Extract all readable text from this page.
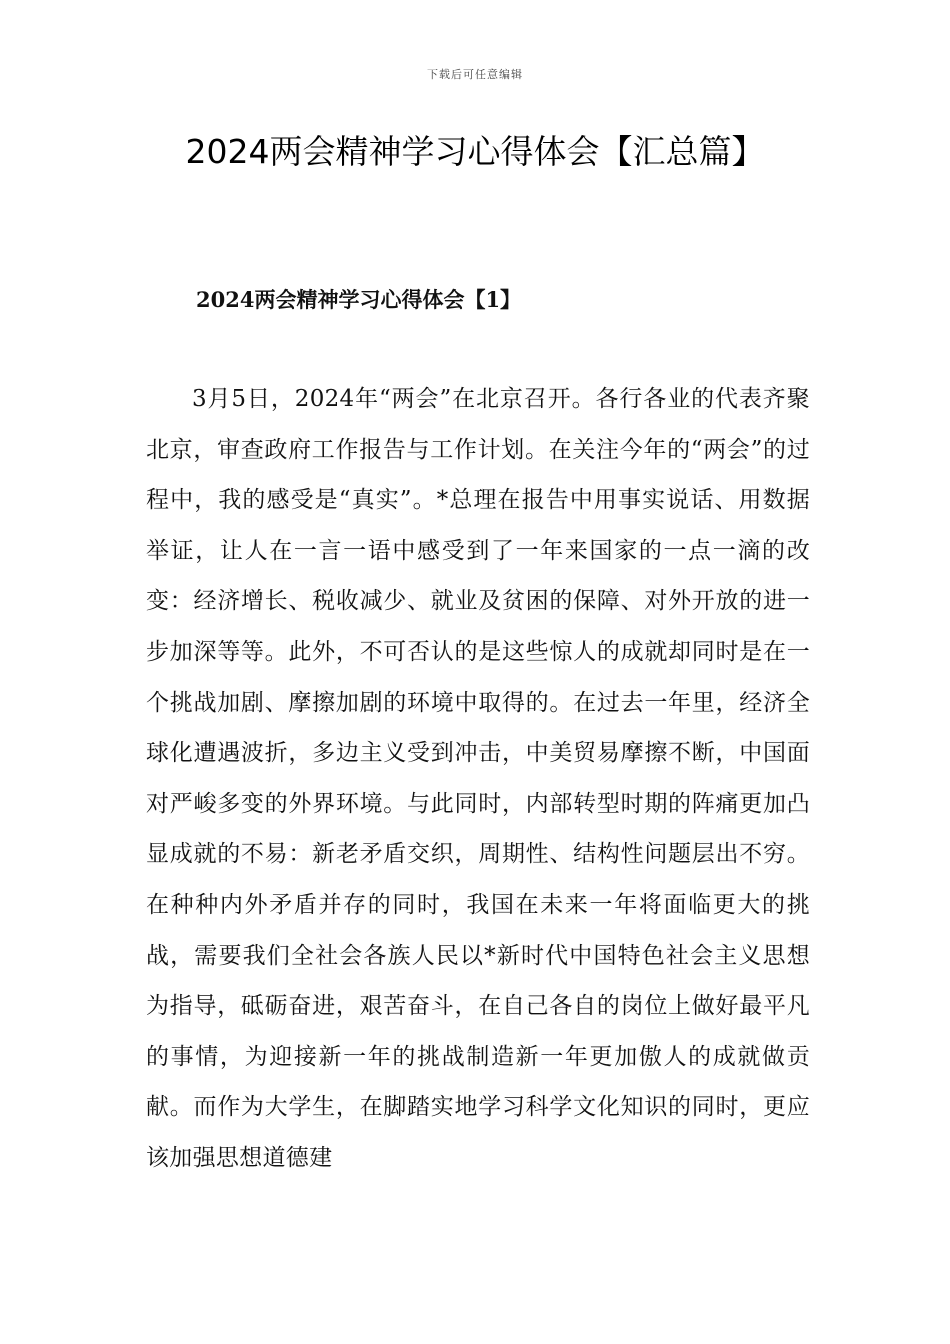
下载后可任意编辑
2024两会精神学习心得体会【汇总篇】
2024两会精神学习心得体会【1】

3月5日，2024年“两会”在北京召开。各行各业的代表齐聚北京，审查政府工作报告与工作计划。在关注今年的“两会”的过程中，我的感受是“真实”。*总理在报告中用事实说话、用数据举证，让人在一言一语中感受到了一年来国家的一点一滴的改变：经济增长、税收减少、就业及贫困的保障、对外开放的进一步加深等等。此外，不可否认的是这些惊人的成就却同时是在一个挑战加剧、摩擦加剧的环境中取得的。在过去一年里，经济全球化遭遇波折，多边主义受到冲击，中美贸易摩擦不断，中国面对严峻多变的外界环境。与此同时，内部转型时期的阵痛更加凸显成就的不易：新老矛盾交织，周期性、结构性问题层出不穷。在种种内外矛盾并存的同时，我国在未来一年将面临更大的挑战，需要我们全社会各族人民以*新时代中国特色社会主义思想为指导，砥砺奋进，艰苦奋斗，在自己各自的岗位上做好最平凡的事情，为迎接新一年的挑战制造新一年更加傲人的成就做贡献。而作为大学生，在脚踏实地学习科学文化知识的同时，更应该加强思想道德建
